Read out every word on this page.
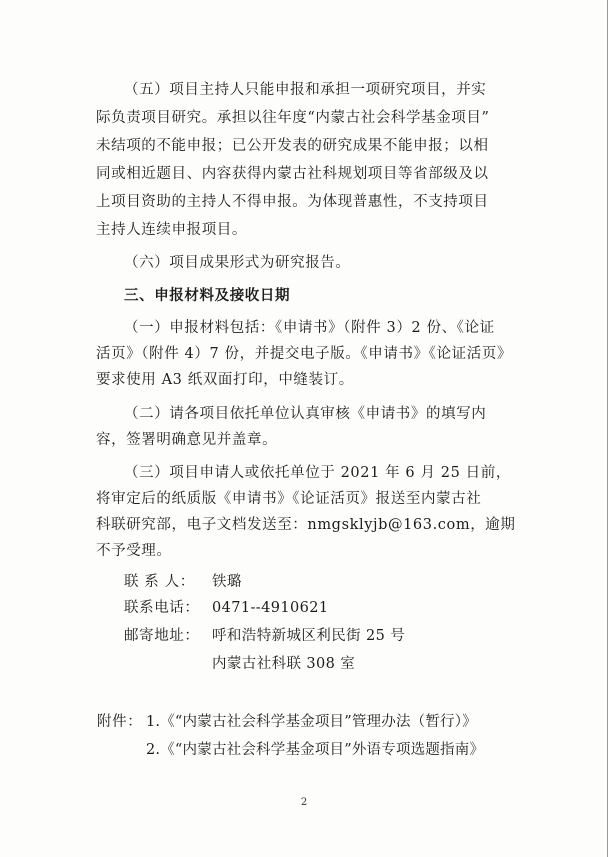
（五）项目主持人只能申报和承担一项研究项目，并实
际负责项目研究。承担以往年度“内蒙古社会科学基金项目”
未结项的不能申报；已公开发表的研究成果不能申报；以相
同或相近题目、内容获得内蒙古社科规划项目等省部级及以
上项目资助的主持人不得申报。为体现普惠性，不支持项目
主持人连续申报项目。
（六）项目成果形式为研究报告。
三、申报材料及接收日期
（一）申报材料包括：《申请书》（附件 3）2 份、《论证
活页》（附件 4）7 份，并提交电子版。《申请书》《论证活页》
要求使用 A3 纸双面打印，中缝装订。
（二）请各项目依托单位认真审核《申请书》的填写内
容，签署明确意见并盖章。
（三）项目申请人或依托单位于 2021 年 6 月 25 日前，
将审定后的纸质版《申请书》《论证活页》报送至内蒙古社
科联研究部，电子文档发送至：nmgsklyjb@163.com，逾期
不予受理。
联 系 人： 铁璐
联系电话： 0471--4910621
邮寄地址： 呼和浩特新城区利民街 25 号
内蒙古社科联 308 室
附件： 1.《“内蒙古社会科学基金项目”管理办法（暂行）》
2.《“内蒙古社会科学基金项目”外语专项选题指南》
2
